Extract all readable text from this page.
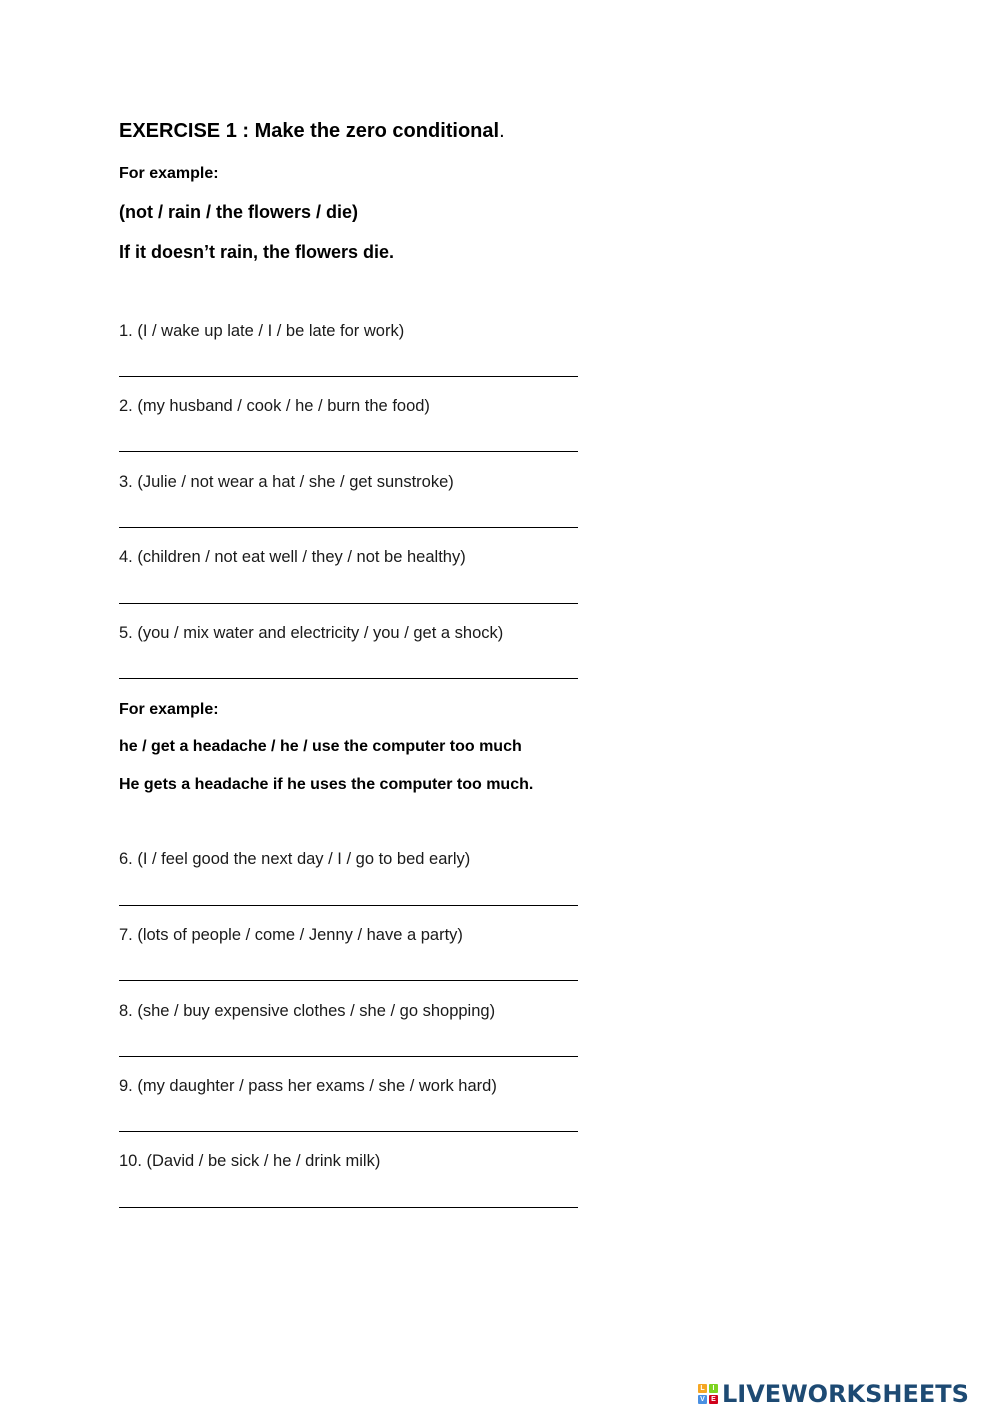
EXERCISE 1 : Make the zero conditional.
For example:
(not / rain / the flowers / die)
If it doesn’t rain, the flowers die.
1. (I / wake up late / I / be late for work)
2. (my husband / cook / he / burn the food)
3. (Julie / not wear a hat / she / get sunstroke)
4. (children / not eat well / they / not be healthy)
5. (you / mix water and electricity / you / get a shock)
For example:
he / get a headache / he / use the computer too much
He gets a headache if he uses the computer too much.
6. (I / feel good the next day / I / go to bed early)
7. (lots of people / come / Jenny / have a party)
8. (she / buy expensive clothes / she / go shopping)
9. (my daughter / pass her exams / she / work hard)
10. (David / be sick / he / drink milk)
L	I
V E LIVEWORKSHEETS
